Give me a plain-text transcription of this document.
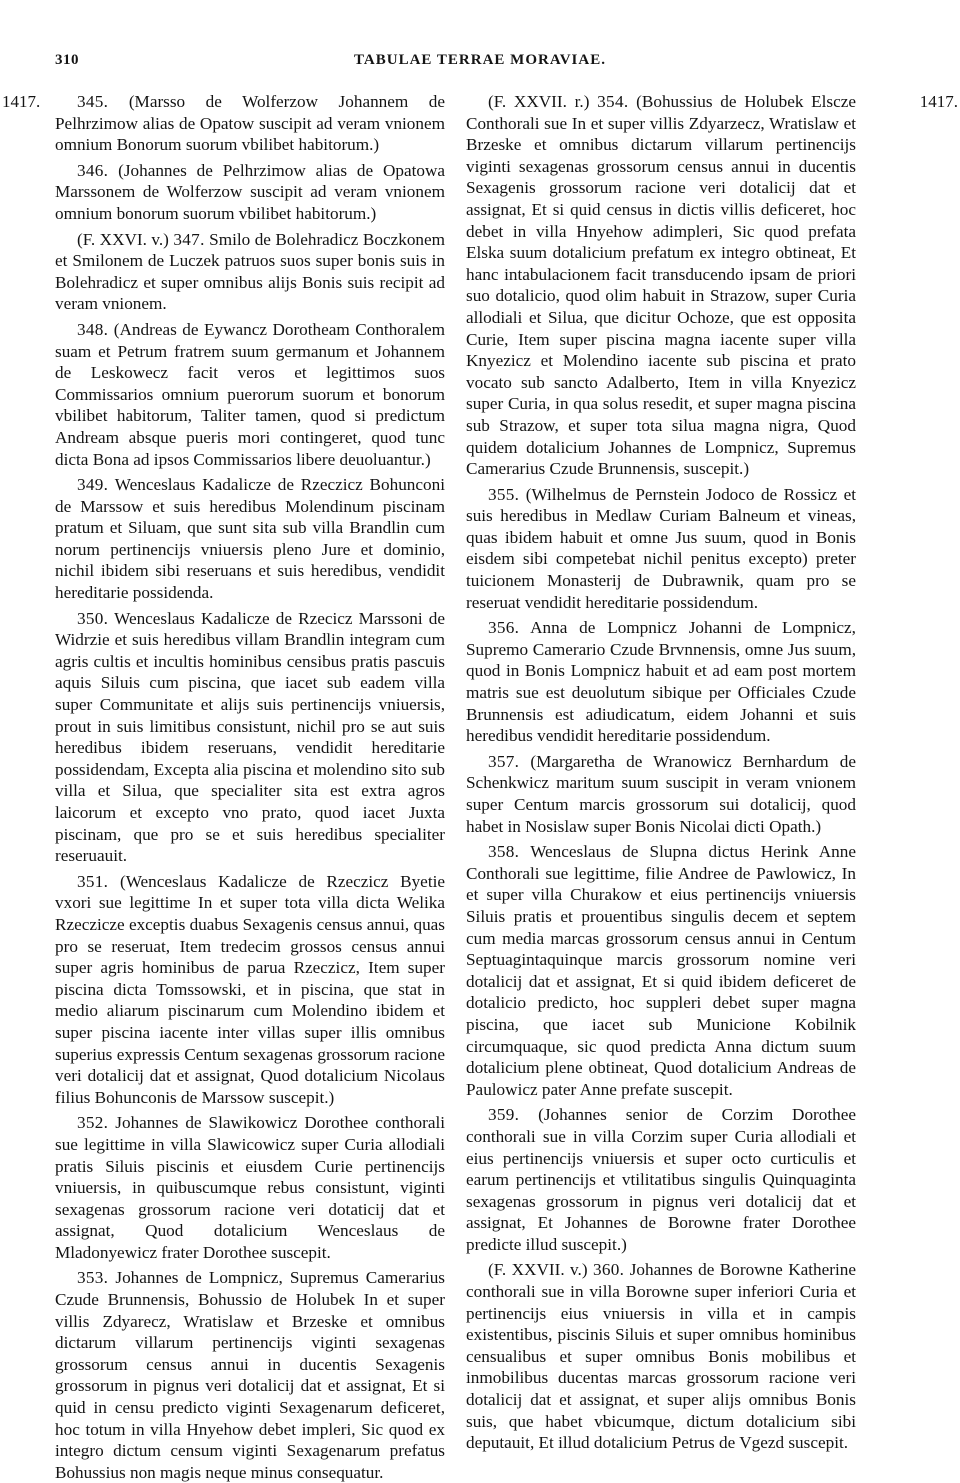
310	TABULAE TERRAE MORAVIAE.
1417.	1417.

345. (Marsso de Wolferzow Johannem de Pelhrzimow alias de Opatow suscipit ad veram vnionem omnium Bonorum suorum vbilibet habitorum.)

346. (Johannes de Pelhrzimow alias de Opatowa Marssonem de Wolferzow suscipit ad veram vnionem omnium bonorum suorum vbilibet habitorum.)

(F. XXVI. v.) 347. Smilo de Bolehradicz Boczkonem et Smilonem de Luczek patruos suos super bonis suis in Bolehradicz et super omnibus alijs Bonis suis recipit ad veram vnionem.

348. (Andreas de Eywancz Dorotheam Conthoralem suam et Petrum fratrem suum germanum et Johannem de Leskowecz facit veros et legittimos suos Commissarios omnium puerorum suorum et bonorum vbilibet habitorum, Taliter tamen, quod si predictum Andream absque pueris mori contingeret, quod tunc dicta Bona ad ipsos Commissarios libere deuoluantur.)

349. Wenceslaus Kadalicze de Rzeczicz Bohunconi de Marssow et suis heredibus Molendinum piscinam pratum et Siluam, que sunt sita sub villa Brandlin cum norum pertinencijs vniuersis pleno Jure et dominio, nichil ibidem sibi reseruans et suis heredibus, vendidit hereditarie possidenda.

350. Wenceslaus Kadalicze de Rzecicz Marssoni de Widrzie et suis heredibus villam Brandlin integram cum agris cultis et incultis hominibus censibus pratis pascuis aquis Siluis cum piscina, que iacet sub eadem villa super Communitate et alijs suis pertinencijs vniuersis, prout in suis limitibus consistunt, nichil pro se aut suis heredibus ibidem reseruans, vendidit hereditarie possidendam, Excepta alia piscina et molendino sito sub villa et Silua, que specialiter sita est extra agros laicorum et excepto vno prato, quod iacet Juxta piscinam, que pro se et suis heredibus specialiter reseruauit.

351. (Wenceslaus Kadalicze de Rzeczicz Byetie vxori sue legittime In et super tota villa dicta Welika Rzeczicze exceptis duabus Sexagenis census annui, quas pro se reseruat, Item tredecim grossos census annui super agris hominibus de parua Rzeczicz, Item super piscina dicta Tomssowski, et in piscina, que stat in medio aliarum piscinarum cum Molendino ibidem et super piscina iacente inter villas super illis omnibus superius expressis Centum sexagenas grossorum racione veri dotalicij dat et assignat, Quod dotalicium Nicolaus filius Bohunconis de Marssow suscepit.)

352. Johannes de Slawikowicz Dorothee conthorali sue legittime in villa Slawicowicz super Curia allodiali pratis Siluis piscinis et eiusdem Curie pertinencijs vniuersis, in quibuscumque rebus consistunt, viginti sexagenas grossorum racione veri dotaticij dat et assignat, Quod dotalicium Wenceslaus de Mladonyewicz frater Dorothee suscepit.

353. Johannes de Lompnicz, Supremus Camerarius Czude Brunnensis, Bohussio de Holubek In et super villis Zdyarecz, Wratislaw et Brzeske et omnibus dictarum villarum pertinencijs viginti sexagenas grossorum census annui in ducentis Sexagenis grossorum in pignus veri dotalicij dat et assignat, Et si quid in censu predicto viginti Sexagenarum deficeret, hoc totum in villa Hnyehow debet impleri, Sic quod ex integro dictum censum viginti Sexagenarum prefatus Bohussius non magis neque minus consequatur.

(F. XXVII. r.) 354. (Bohussius de Holubek Elscze Conthorali sue In et super villis Zdyarzecz, Wratislaw et Brzeske et omnibus dictarum villarum pertinencijs viginti sexagenas grossorum census annui in ducentis Sexagenis grossorum racione veri dotalicij dat et assignat, Et si quid census in dictis villis deficeret, hoc debet in villa Hnyehow adimpleri, Sic quod prefata Elska suum dotalicium prefatum ex integro obtineat, Et hanc intabulacionem facit transducendo ipsam de priori suo dotalicio, quod olim habuit in Strazow, super Curia allodiali et Silua, que dicitur Ochoze, que est opposita Curie, Item super piscina magna iacente super villa Knyezicz et Molendino iacente sub piscina et prato vocato sub sancto Adalberto, Item in villa Knyezicz super Curia, in qua solus resedit, et super magna piscina sub Strazow, et super tota silua magna nigra, Quod quidem dotalicium Johannes de Lompnicz, Supremus Camerarius Czude Brunnensis, suscepit.)

355. (Wilhelmus de Pernstein Jodoco de Rossicz et suis heredibus in Medlaw Curiam Balneum et vineas, quas ibidem habuit et omne Jus suum, quod in Bonis eisdem sibi competebat nichil penitus excepto) preter tuicionem Monasterij de Dubrawnik, quam pro se reseruat vendidit hereditarie possidendum.

356. Anna de Lompnicz Johanni de Lompnicz, Supremo Camerario Czude Brvnnensis, omne Jus suum, quod in Bonis Lompnicz habuit et ad eam post mortem matris sue est deuolutum sibique per Officiales Czude Brunnensis est adiudicatum, eidem Johanni et suis heredibus vendidit hereditarie possidendum.

357. (Margaretha de Wranowicz Bernhardum de Schenkwicz maritum suum suscipit in veram vnionem super Centum marcis grossorum sui dotalicij, quod habet in Nosislaw super Bonis Nicolai dicti Opath.)

358. Wenceslaus de Slupna dictus Herink Anne Conthorali sue legittime, filie Andree de Pawlowicz, In et super villa Churakow et eius pertinencijs vniuersis Siluis pratis et prouentibus singulis decem et septem cum media marcas grossorum census annui in Centum Septuagintaquinque marcis grossorum nomine veri dotalicij dat et assignat, Et si quid ibidem deficeret de dotalicio predicto, hoc suppleri debet super magna piscina, que iacet sub Municione Kobilnik circumquaque, sic quod predicta Anna dictum suum dotalicium plene obtineat, Quod dotalicium Andreas de Paulowicz pater Anne prefate suscepit.

359. (Johannes senior de Corzim Dorothee conthorali sue in villa Corzim super Curia allodiali et eius pertinencijs vniuersis et super octo curticulis et earum pertinencijs et vtilitatibus singulis Quinquaginta sexagenas grossorum in pignus veri dotalicij dat et assignat, Et Johannes de Borowne frater Dorothee predicte illud suscepit.)

(F. XXVII. v.) 360. Johannes de Borowne Katherine conthorali sue in villa Borowne super inferiori Curia et pertinencijs eius vniuersis in villa et in campis existentibus, piscinis Siluis et super omnibus hominibus censualibus et super omnibus Bonis mobilibus et inmobilibus ducentas marcas grossorum racione veri dotalicij dat et assignat, et super alijs omnibus Bonis suis, que habet vbicumque, dictum dotalicium sibi deputauit, Et illud dotalicium Petrus de Vgezd suscepit.
